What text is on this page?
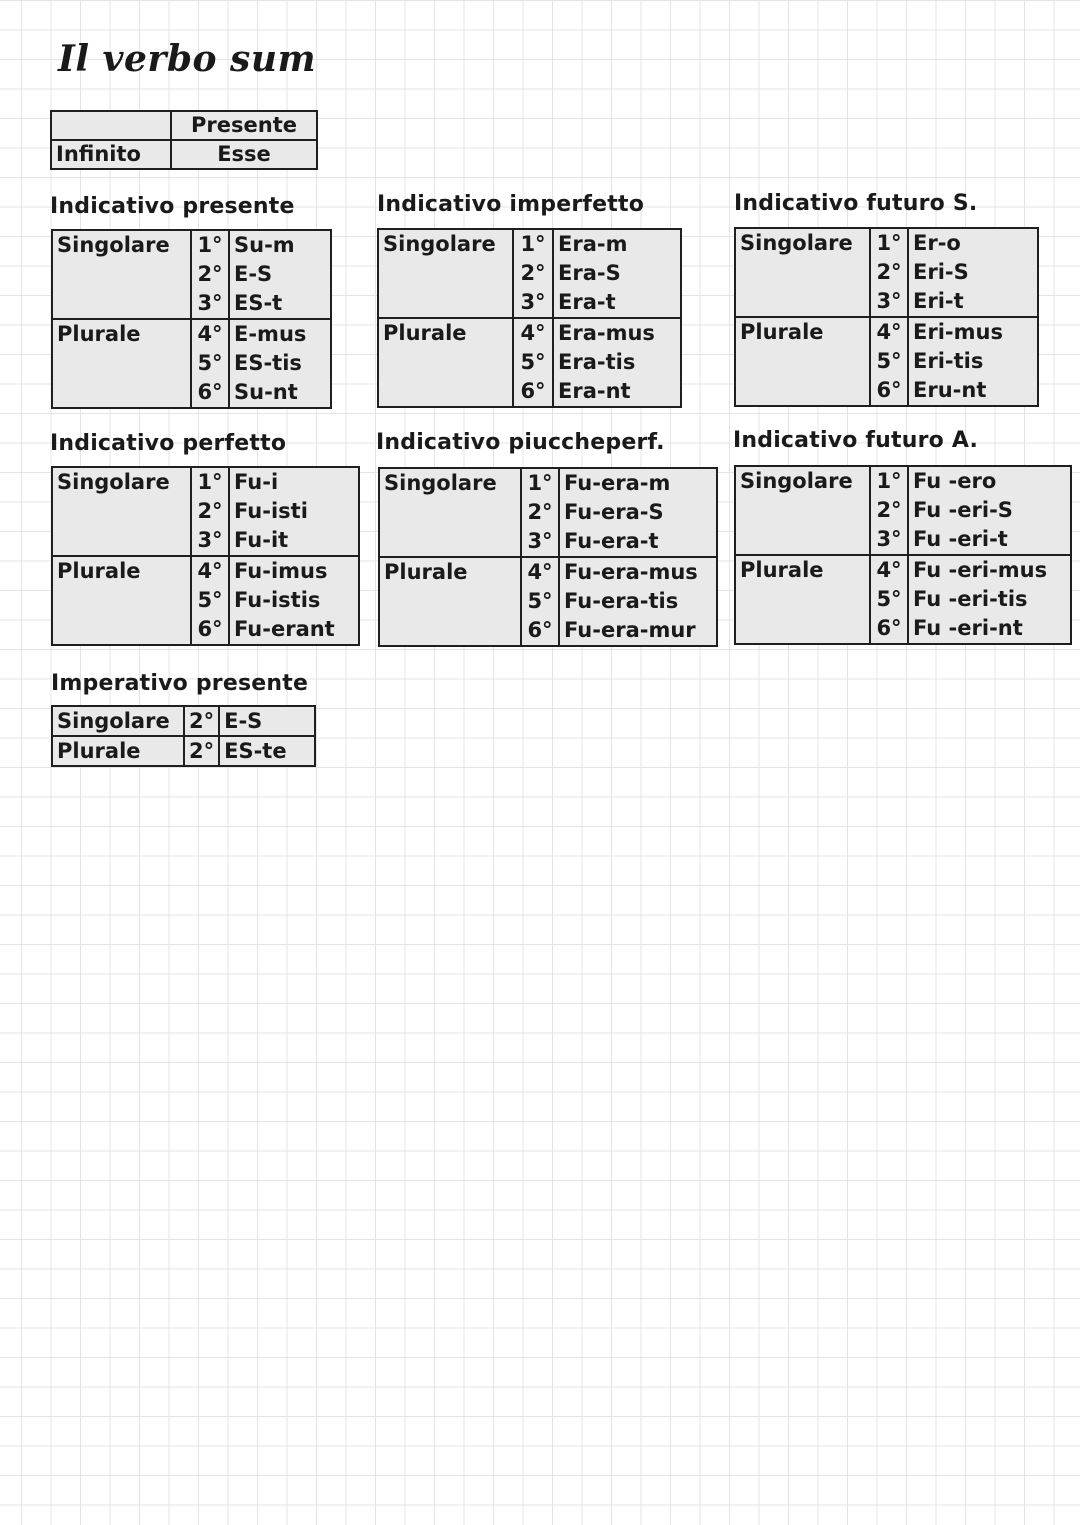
Il verbo sum
	Presente
Infinito	Esse
Indicativo presente	Indicativo imperfetto	Indicativo futuro S.
Indicativo perfetto	Indicativo piuccheperf.	Indicativo futuro A.
Imperativo presente
Singolare	1°	Su-m
	2°	E-S
	3°	ES-t
Plurale	4°	E-mus
	5°	ES-tis
	6°	Su-nt
Singolare	1°	Era-m
	2°	Era-S
	3°	Era-t
Plurale	4°	Era-mus
	5°	Era-tis
	6°	Era-nt
Singolare	1°	Er-o
	2°	Eri-S
	3°	Eri-t
Plurale	4°	Eri-mus
	5°	Eri-tis
	6°	Eru-nt
Singolare	1°	Fu-i
	2°	Fu-isti
	3°	Fu-it
Plurale	4°	Fu-imus
	5°	Fu-istis
	6°	Fu-erant
Singolare	1°	Fu-era-m
	2°	Fu-era-S
	3°	Fu-era-t
Plurale	4°	Fu-era-mus
	5°	Fu-era-tis
	6°	Fu-era-mur
Singolare	1°	Fu -ero
	2°	Fu -eri-S
	3°	Fu -eri-t
Plurale	4°	Fu -eri-mus
	5°	Fu -eri-tis
	6°	Fu -eri-nt
Singolare	2°	E-S
Plurale	2°	ES-te
